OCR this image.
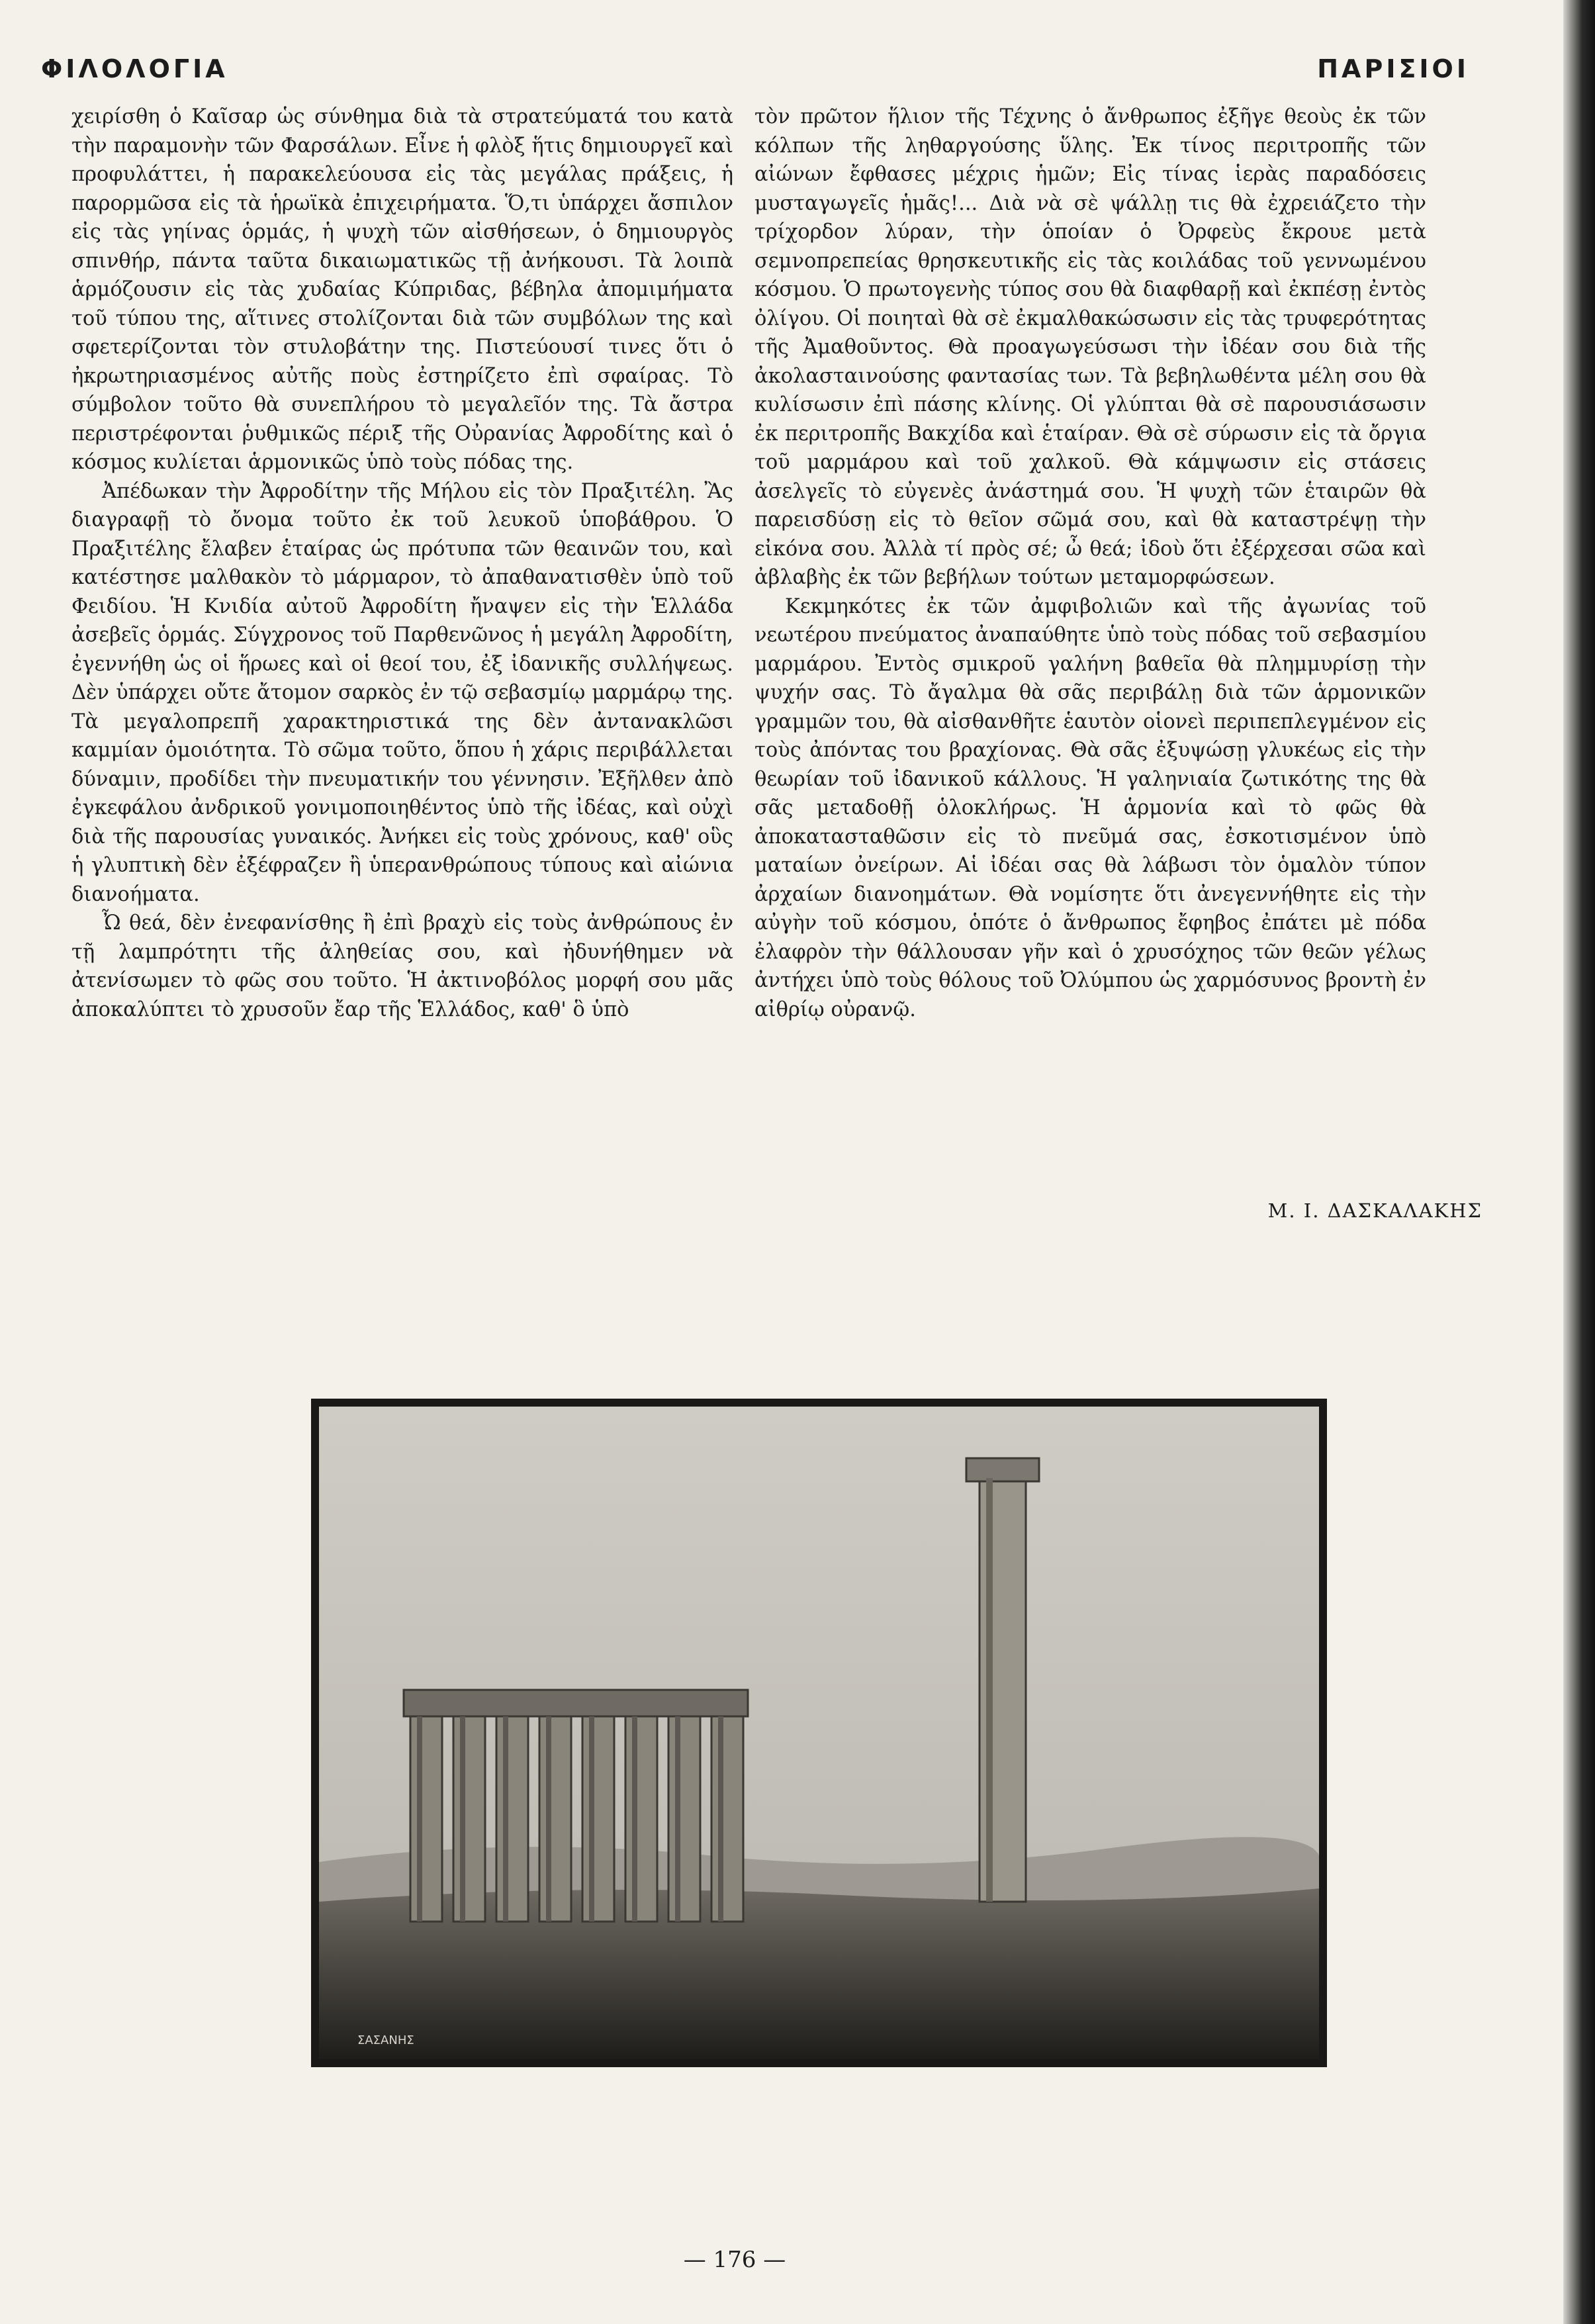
ΦΙΛΟΛΟΓΙΑ	ΠΑΡΙΣΙΟΙ

χειρίσθη ὁ Καῖσαρ ὡς σύνθημα διὰ τὰ στρατεύματά του κατὰ τὴν παραμονὴν τῶν Φαρσάλων. Εἶνε ἡ φλὸξ ἥτις δημιουργεῖ καὶ προφυλάττει, ἡ παρακελεύουσα εἰς τὰς μεγάλας πράξεις, ἡ παρορμῶσα εἰς τὰ ἡρωϊκὰ ἐπιχειρήματα. Ὅ,τι ὑπάρχει ἄσπιλον εἰς τὰς γηίνας ὁρμάς, ἡ ψυχὴ τῶν αἰσθήσεων, ὁ δημιουργὸς σπινθήρ, πάντα ταῦτα δικαιωματικῶς τῇ ἀνήκουσι. Τὰ λοιπὰ ἁρμόζουσιν εἰς τὰς χυδαίας Κύπριδας, βέβηλα ἀπομιμήματα τοῦ τύπου της, αἵτινες στολίζονται διὰ τῶν συμβόλων της καὶ σφετερίζονται τὸν στυλοβάτην της. Πιστεύουσί τινες ὅτι ὁ ἠκρωτηριασμένος αὐτῆς ποὺς ἐστηρίζετο ἐπὶ σφαίρας. Τὸ σύμβολον τοῦτο θὰ συνεπλήρου τὸ μεγαλεῖόν της. Τὰ ἄστρα περιστρέφονται ῥυθμικῶς πέριξ τῆς Οὐρανίας Ἀφροδίτης καὶ ὁ κόσμος κυλίεται ἁρμονικῶς ὑπὸ τοὺς πόδας της.

Ἀπέδωκαν τὴν Ἀφροδίτην τῆς Μήλου εἰς τὸν Πραξιτέλη. Ἂς διαγραφῇ τὸ ὄνομα τοῦτο ἐκ τοῦ λευκοῦ ὑποβάθρου. Ὁ Πραξιτέλης ἔλαβεν ἑταίρας ὡς πρότυπα τῶν θεαινῶν του, καὶ κατέστησε μαλθακὸν τὸ μάρμαρον, τὸ ἀπαθανατισθὲν ὑπὸ τοῦ Φειδίου. Ἡ Κνιδία αὐτοῦ Ἀφροδίτη ἤναψεν εἰς τὴν Ἑλλάδα ἀσεβεῖς ὁρμάς. Σύγχρονος τοῦ Παρθενῶνος ἡ μεγάλη Ἀφροδίτη, ἐγεννήθη ὡς οἱ ἥρωες καὶ οἱ θεοί του, ἐξ ἰδανικῆς συλλήψεως. Δὲν ὑπάρχει οὔτε ἄτομον σαρκὸς ἐν τῷ σεβασμίῳ μαρμάρῳ της. Τὰ μεγαλοπρεπῆ χαρακτηριστικά της δὲν ἀντανακλῶσι καμμίαν ὁμοιότητα. Τὸ σῶμα τοῦτο, ὅπου ἡ χάρις περιβάλλεται δύναμιν, προδίδει τὴν πνευματικήν του γέννησιν. Ἐξῆλθεν ἀπὸ ἐγκεφάλου ἀνδρικοῦ γονιμοποιηθέντος ὑπὸ τῆς ἰδέας, καὶ οὐχὶ διὰ τῆς παρουσίας γυναικός. Ἀνήκει εἰς τοὺς χρόνους, καθ' οὓς ἡ γλυπτικὴ δὲν ἐξέφραζεν ἢ ὑπερανθρώπους τύπους καὶ αἰώνια διανοήματα.

Ὦ θεά, δὲν ἐνεφανίσθης ἢ ἐπὶ βραχὺ εἰς τοὺς ἀνθρώπους ἐν τῇ λαμπρότητι τῆς ἀληθείας σου, καὶ ἠδυνήθημεν νὰ ἀτενίσωμεν τὸ φῶς σου τοῦτο. Ἡ ἀκτινοβόλος μορφή σου μᾶς ἀποκαλύπτει τὸ χρυσοῦν ἔαρ τῆς Ἑλλάδος, καθ' ὃ ὑπὸ

τὸν πρῶτον ἥλιον τῆς Τέχνης ὁ ἄνθρωπος ἐξῆγε θεοὺς ἐκ τῶν κόλπων τῆς ληθαργούσης ὕλης. Ἐκ τίνος περιτροπῆς τῶν αἰώνων ἔφθασες μέχρις ἡμῶν; Εἰς τίνας ἱερὰς παραδόσεις μυσταγωγεῖς ἡμᾶς!... Διὰ νὰ σὲ ψάλλῃ τις θὰ ἐχρειάζετο τὴν τρίχορδον λύραν, τὴν ὁποίαν ὁ Ὀρφεὺς ἔκρουε μετὰ σεμνοπρεπείας θρησκευτικῆς εἰς τὰς κοιλάδας τοῦ γεννωμένου κόσμου. Ὁ πρωτογενὴς τύπος σου θὰ διαφθαρῇ καὶ ἐκπέσῃ ἐντὸς ὀλίγου. Οἱ ποιηταὶ θὰ σὲ ἐκμαλθακώσωσιν εἰς τὰς τρυφερότητας τῆς Ἀμαθοῦντος. Θὰ προαγωγεύσωσι τὴν ἰδέαν σου διὰ τῆς ἀκολασταινούσης φαντασίας των. Τὰ βεβηλωθέντα μέλη σου θὰ κυλίσωσιν ἐπὶ πάσης κλίνης. Οἱ γλύπται θὰ σὲ παρουσιάσωσιν ἐκ περιτροπῆς Βακχίδα καὶ ἑταίραν. Θὰ σὲ σύρωσιν εἰς τὰ ὄργια τοῦ μαρμάρου καὶ τοῦ χαλκοῦ. Θὰ κάμψωσιν εἰς στάσεις ἀσελγεῖς τὸ εὐγενὲς ἀνάστημά σου. Ἡ ψυχὴ τῶν ἑταιρῶν θὰ παρεισδύσῃ εἰς τὸ θεῖον σῶμά σου, καὶ θὰ καταστρέψῃ τὴν εἰκόνα σου. Ἀλλὰ τί πρὸς σέ; ὦ θεά; ἰδοὺ ὅτι ἐξέρχεσαι σῶα καὶ ἀβλαβὴς ἐκ τῶν βεβήλων τούτων μεταμορφώσεων.

Κεκμηκότες ἐκ τῶν ἀμφιβολιῶν καὶ τῆς ἀγωνίας τοῦ νεωτέρου πνεύματος ἀναπαύθητε ὑπὸ τοὺς πόδας τοῦ σεβασμίου μαρμάρου. Ἐντὸς σμικροῦ γαλήνη βαθεῖα θὰ πλημμυρίσῃ τὴν ψυχήν σας. Τὸ ἄγαλμα θὰ σᾶς περιβάλῃ διὰ τῶν ἁρμονικῶν γραμμῶν του, θὰ αἰσθανθῆτε ἑαυτὸν οἱονεὶ περιπεπλεγμένον εἰς τοὺς ἀπόντας του βραχίονας. Θὰ σᾶς ἐξυψώσῃ γλυκέως εἰς τὴν θεωρίαν τοῦ ἰδανικοῦ κάλλους. Ἡ γαληνιαία ζωτικότης της θὰ σᾶς μεταδοθῇ ὁλοκλήρως. Ἡ ἁρμονία καὶ τὸ φῶς θὰ ἀποκατασταθῶσιν εἰς τὸ πνεῦμά σας, ἐσκοτισμένον ὑπὸ ματαίων ὀνείρων. Αἱ ἰδέαι σας θὰ λάβωσι τὸν ὁμαλὸν τύπον ἀρχαίων διανοημάτων. Θὰ νομίσητε ὅτι ἀνεγεννήθητε εἰς τὴν αὐγὴν τοῦ κόσμου, ὁπότε ὁ ἄνθρωπος ἔφηβος ἐπάτει μὲ πόδα ἐλαφρὸν τὴν θάλλουσαν γῆν καὶ ὁ χρυσόχηος τῶν θεῶν γέλως ἀντήχει ὑπὸ τοὺς θόλους τοῦ Ὀλύμπου ὡς χαρμόσυνος βροντὴ ἐν αἰθρίῳ οὐρανῷ.

Μ. Ι. ΔΑΣΚΑΛΑΚΗΣ
ΣΑΣΑΝΗΣ
— 176 —
